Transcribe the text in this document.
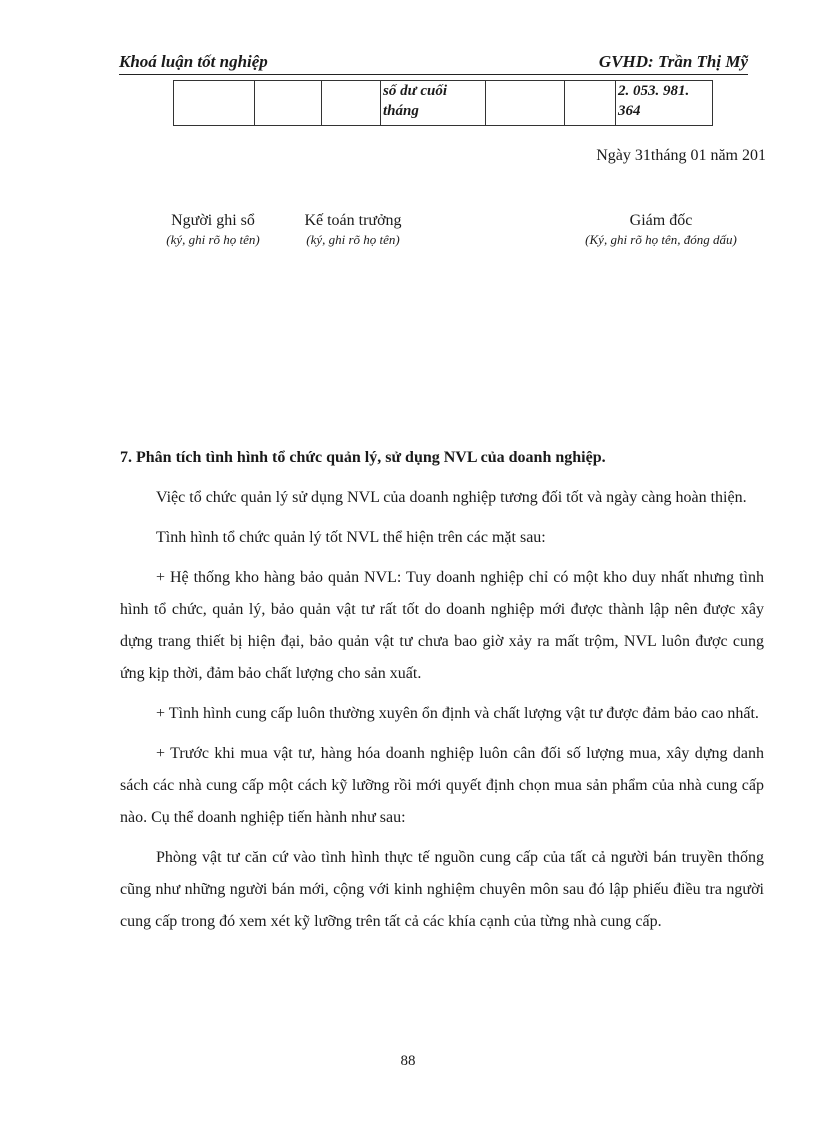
Khoá luận tốt nghiệp	GVHD: Trần Thị Mỹ
			số dư cuối tháng			2. 053. 981. 364
Ngày 31tháng 01 năm 201
Người ghi sổ
(ký, ghi rõ họ tên)
Kế toán trưởng
(ký, ghi rõ họ tên)
Giám đốc
(Ký, ghi rõ họ tên, đóng dấu)
7. Phân tích tình hình tổ chức quản lý, sử dụng NVL của doanh nghiệp.

Việc tổ chức quản lý sử dụng NVL của doanh nghiệp tương đối tốt và ngày càng hoàn thiện.

Tình hình tổ chức quản lý tốt NVL thể hiện trên các mặt sau:

+ Hệ thống kho hàng bảo quản NVL: Tuy doanh nghiệp chỉ có một kho duy nhất nhưng tình hình tổ chức, quản lý, bảo quản vật tư rất tốt do doanh nghiệp mới được thành lập nên được xây dựng trang thiết bị hiện đại, bảo quản vật tư chưa bao giờ xảy ra mất trộm, NVL luôn được cung ứng kịp thời, đảm bảo chất lượng cho sản xuất.

+ Tình hình cung cấp luôn thường xuyên ổn định và chất lượng vật tư được đảm bảo cao nhất.

+ Trước khi mua vật tư, hàng hóa doanh nghiệp luôn cân đối số lượng mua, xây dựng danh sách các nhà cung cấp một cách kỹ lưỡng rồi mới quyết định chọn mua sản phẩm của nhà cung cấp nào. Cụ thể doanh nghiệp tiến hành như sau:

Phòng vật tư căn cứ vào tình hình thực tế nguồn cung cấp của tất cả người bán truyền thống cũng như những người bán mới, cộng với kinh nghiệm chuyên môn sau đó lập phiếu điều tra người cung cấp trong đó xem xét kỹ lưỡng trên tất cả các khía cạnh của từng nhà cung cấp.

88
